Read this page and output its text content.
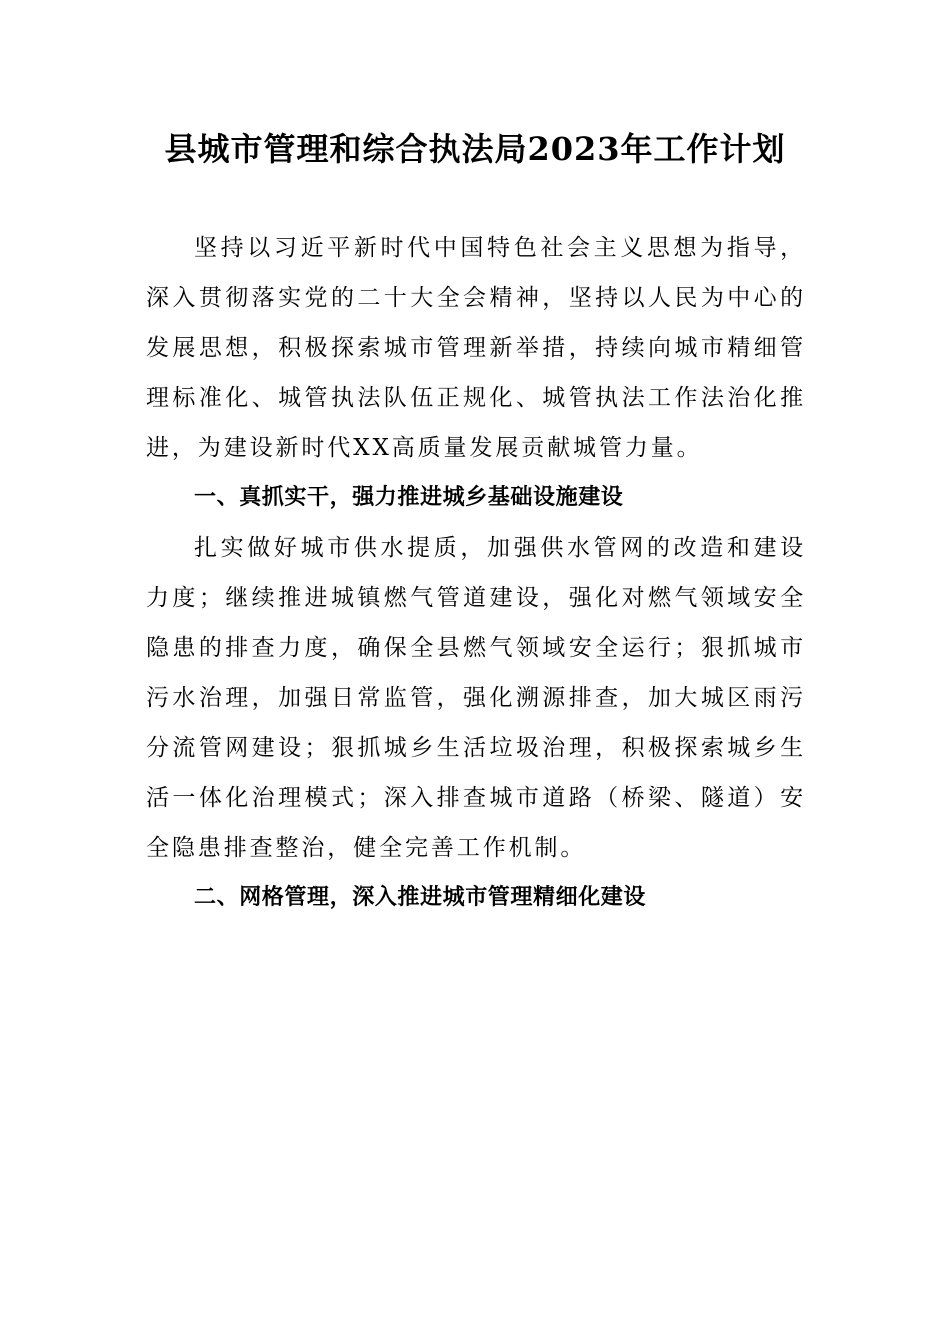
县城市管理和综合执法局2023年工作计划

坚持以习近平新时代中国特色社会主义思想为指导，深入贯彻落实党的二十大全会精神，坚持以人民为中心的发展思想，积极探索城市管理新举措，持续向城市精细管理标准化、城管执法队伍正规化、城管执法工作法治化推进，为建设新时代XX高质量发展贡献城管力量。

一、真抓实干，强力推进城乡基础设施建设

扎实做好城市供水提质，加强供水管网的改造和建设力度；继续推进城镇燃气管道建设，强化对燃气领域安全隐患的排查力度，确保全县燃气领域安全运行；狠抓城市污水治理，加强日常监管，强化溯源排查，加大城区雨污分流管网建设；狠抓城乡生活垃圾治理，积极探索城乡生活一体化治理模式；深入排查城市道路（桥梁、隧道）安全隐患排查整治，健全完善工作机制。

二、网格管理，深入推进城市管理精细化建设
